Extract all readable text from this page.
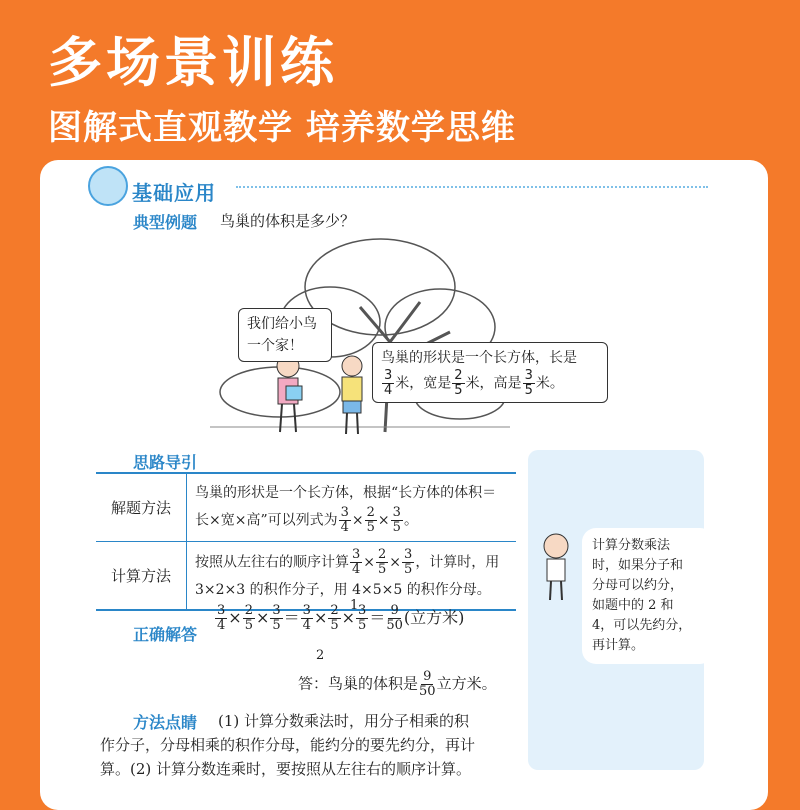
多场景训练
图解式直观教学 培养数学思维
基础应用
典型例题 鸟巢的体积是多少？
我们给小鸟
一个家！
鸟巢的形状是一个长方体，长是
$\frac{3}{4}$ 米，宽是 $\frac{2}{5}$ 米，高是 $\frac{3}{5}$ 米。
思路导引
解题方法
鸟巢的形状是一个长方体，根据“长方体的体积＝
长×宽×高”可以列式为 $\frac{3}{4} \times \frac{2}{5} \times \frac{3}{5}$ 。
计算方法
按照从左往右的顺序计算 $\frac{3}{4} \times \frac{2}{5} \times \frac{3}{5}$ ，计算时，用
3×2×3 的积作分子，用 4×5×5 的积作分母。
计算分数乘法
时，如果分子和
分母可以约分，
如题中的 2 和
4，可以先约分，
再计算。
正确解答
$\frac{3}{4} \times \frac{2}{5} \times \frac{3}{5} = \frac{3}{4} \times \frac{2}{5} \times \frac{3}{5} = \frac{9}{50}$ (立方米)
1
2
答：鸟巢的体积是 $\frac{9}{50}$ 立方米。
方法点睛 (1) 计算分数乘法时，用分子相乘的积
作分子，分母相乘的积作分母，能约分的要先约分，再计
算。(2) 计算分数连乘时，要按照从左往右的顺序计算。
